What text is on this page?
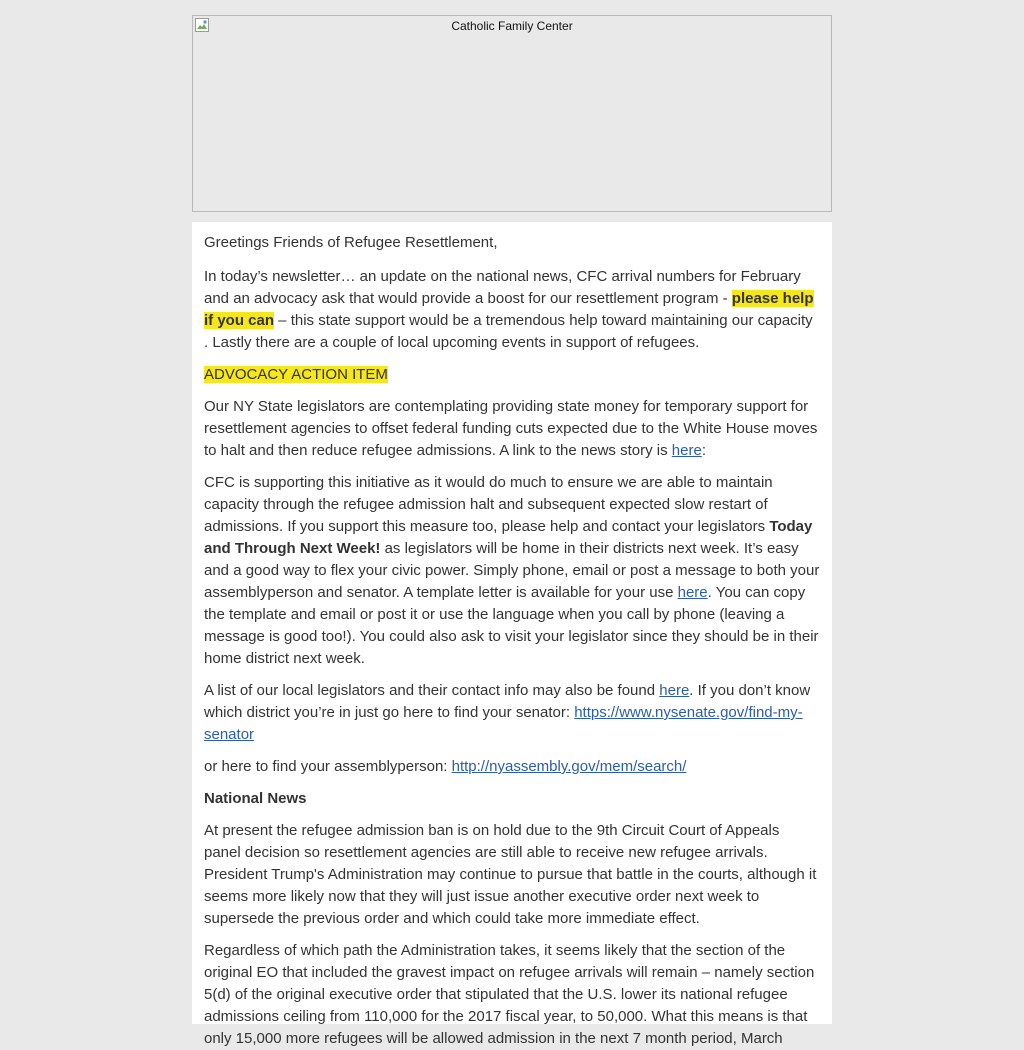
Catholic Family Center

Greetings Friends of Refugee Resettlement,

In today’s newsletter… an update on the national news, CFC arrival numbers for February and an advocacy ask that would provide a boost for our resettlement program - please help if you can – this state support would be a tremendous help toward maintaining our capacity . Lastly there are a couple of local upcoming events in support of refugees.

ADVOCACY ACTION ITEM

Our NY State legislators are contemplating providing state money for temporary support for resettlement agencies to offset federal funding cuts expected due to the White House moves to halt and then reduce refugee admissions. A link to the news story is here:

CFC is supporting this initiative as it would do much to ensure we are able to maintain capacity through the refugee admission halt and subsequent expected slow restart of admissions. If you support this measure too, please help and contact your legislators Today and Through Next Week! as legislators will be home in their districts next week. It’s easy and a good way to flex your civic power. Simply phone, email or post a message to both your assemblyperson and senator. A template letter is available for your use here. You can copy the template and email or post it or use the language when you call by phone (leaving a message is good too!). You could also ask to visit your legislator since they should be in their home district next week.

A list of our local legislators and their contact info may also be found here. If you don’t know which district you’re in just go here to find your senator: https://www.nysenate.gov/find-my-senator

or here to find your assemblyperson: http://nyassembly.gov/mem/search/

National News

At present the refugee admission ban is on hold due to the 9th Circuit Court of Appeals panel decision so resettlement agencies are still able to receive new refugee arrivals. President Trump's Administration may continue to pursue that battle in the courts, although it seems more likely now that they will just issue another executive order next week to supersede the previous order and which could take more immediate effect.

Regardless of which path the Administration takes, it seems likely that the section of the original EO that included the gravest impact on refugee arrivals will remain – namely section 5(d) of the original executive order that stipulated that the U.S. lower its national refugee admissions ceiling from 110,000 for the 2017 fiscal year, to 50,000. What this means is that only 15,000 more refugees will be allowed admission in the next 7 month period, March
